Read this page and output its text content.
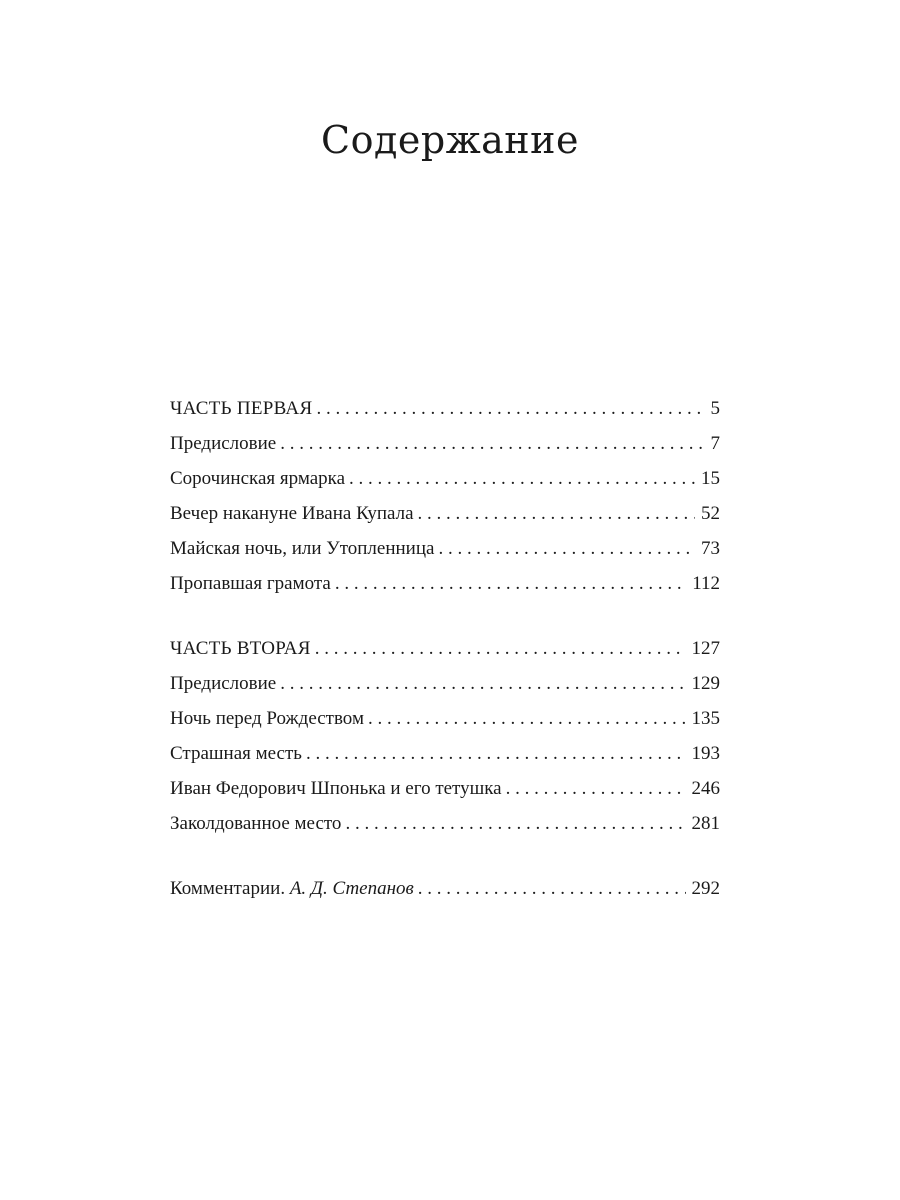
Содержание
ЧАСТЬ ПЕРВАЯ . . .	5
Предисловие . . .	7
Сорочинская ярмарка . . .	15
Вечер накануне Ивана Купала . . .	52
Майская ночь, или Утопленница . . .	73
Пропавшая грамота . . .	112
ЧАСТЬ ВТОРАЯ . . .	127
Предисловие . . .	129
Ночь перед Рождеством . . .	135
Страшная месть . . .	193
Иван Федорович Шпонька и его тетушка . . .	246
Заколдованное место . . .	281
Комментарии. А. Д. Степанов . . .	292
